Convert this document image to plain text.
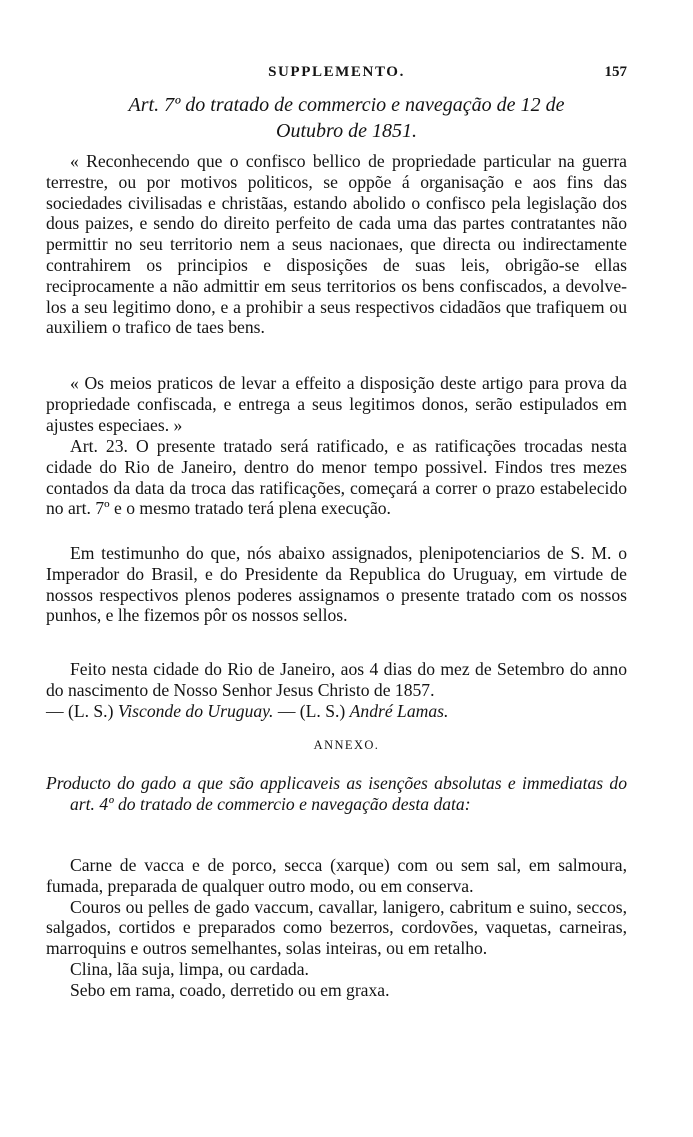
SUPPLEMENTO.	157
Art. 7º do tratado de commercio e navegação de 12 de
Outubro de 1851.

« Reconhecendo que o confisco bellico de propriedade particular na guerra terrestre, ou por motivos politicos, se oppõe á organisação e aos fins das sociedades civilisadas e christãas, estando abolido o confisco pela legislação dos dous paizes, e sendo do direito perfeito de cada uma das partes contratantes não permittir no seu territorio nem a seus nacionaes, que directa ou indirectamente contrahirem os principios e disposições de suas leis, obrigão-se ellas reciprocamente a não admittir em seus territorios os bens confiscados, a devolve-los a seu legitimo dono, e a prohibir a seus respectivos cidadãos que trafiquem ou auxiliem o trafico de taes bens.

« Os meios praticos de levar a effeito a disposição deste artigo para prova da propriedade confiscada, e entrega a seus legitimos donos, serão estipulados em ajustes especiaes. »

Art. 23. O presente tratado será ratificado, e as ratificações trocadas nesta cidade do Rio de Janeiro, dentro do menor tempo possivel. Findos tres mezes contados da data da troca das ratificações, começará a correr o prazo estabelecido no art. 7º e o mesmo tratado terá plena execução.

Em testimunho do que, nós abaixo assignados, plenipotenciarios de S. M. o Imperador do Brasil, e do Presidente da Republica do Uruguay, em virtude de nossos respectivos plenos poderes assignamos o presente tratado com os nossos punhos, e lhe fizemos pôr os nossos sellos.

Feito nesta cidade do Rio de Janeiro, aos 4 dias do mez de Setembro do anno do nascimento de Nosso Senhor Jesus Christo de 1857.

— (L. S.) Visconde do Uruguay. — (L. S.) André Lamas.

ANNEXO.
Producto do gado a que são applicaveis as isenções absolutas e immediatas do art. 4º do tratado de commercio e navegação desta data:

Carne de vacca e de porco, secca (xarque) com ou sem sal, em salmoura, fumada, preparada de qualquer outro modo, ou em conserva.

Couros ou pelles de gado vaccum, cavallar, lanigero, cabritum e suino, seccos, salgados, cortidos e preparados como bezerros, cordovões, vaquetas, carneiras, marroquins e outros semelhantes, solas inteiras, ou em retalho.

Clina, lãa suja, limpa, ou cardada.

Sebo em rama, coado, derretido ou em graxa.
